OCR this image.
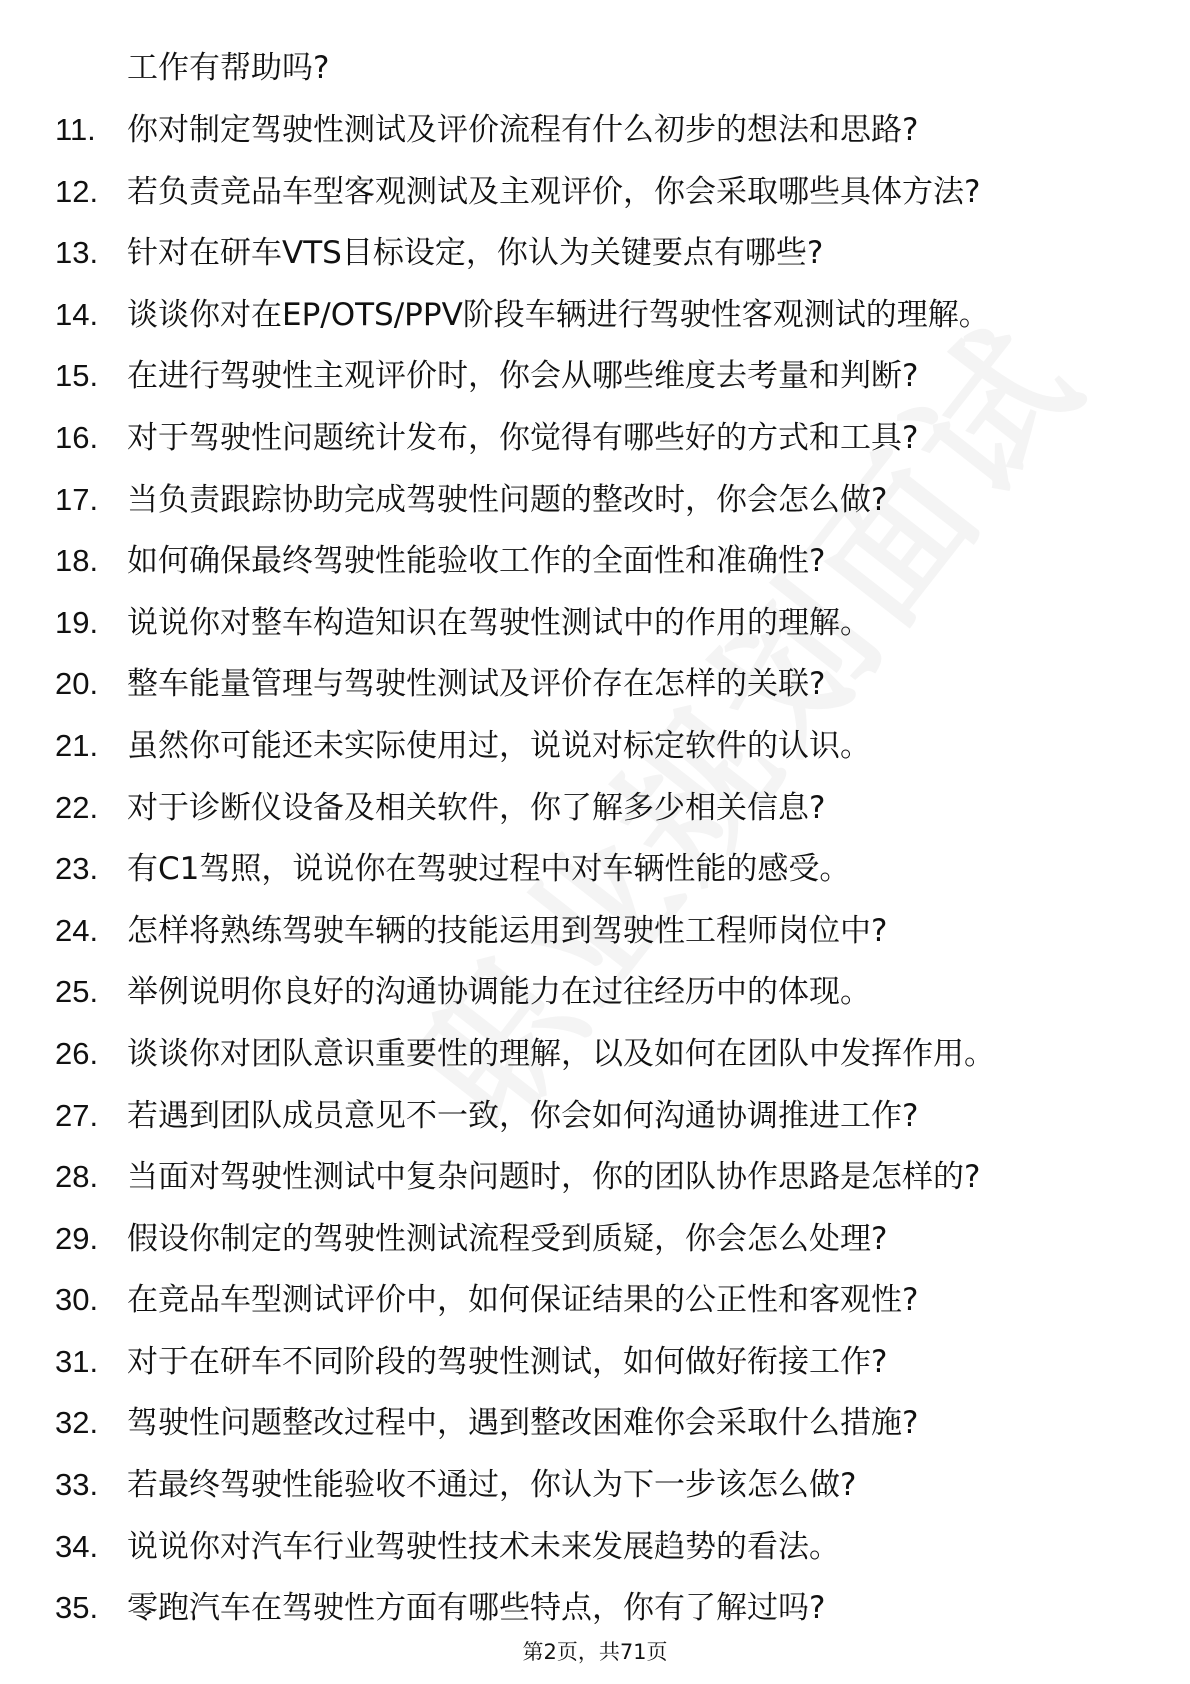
工作有帮助吗?
11.	你对制定驾驶性测试及评价流程有什么初步的想法和思路?
12. 若负责竞品车型客观测试及主观评价，你会采取哪些具体方法?
13. 针对在研车VTS目标设定，你认为关键要点有哪些?
14. 谈谈你对在EP/OTS/PPV阶段车辆进行驾驶性客观测试的理解。
15. 在进行驾驶性主观评价时，你会从哪些维度去考量和判断?
16. 对于驾驶性问题统计发布，你觉得有哪些好的方式和工具?
17. 当负责跟踪协助完成驾驶性问题的整改时，你会怎么做?
18. 如何确保最终驾驶性能验收工作的全面性和准确性?
19. 说说你对整车构造知识在驾驶性测试中的作用的理解。
20. 整车能量管理与驾驶性测试及评价存在怎样的关联?
21. 虽然你可能还未实际使用过，说说对标定软件的认识。
22. 对于诊断仪设备及相关软件，你了解多少相关信息?
23. 有C1驾照，说说你在驾驶过程中对车辆性能的感受。
24. 怎样将熟练驾驶车辆的技能运用到驾驶性工程师岗位中?
25. 举例说明你良好的沟通协调能力在过往经历中的体现。
26. 谈谈你对团队意识重要性的理解，以及如何在团队中发挥作用。
27. 若遇到团队成员意见不一致，你会如何沟通协调推进工作?
28. 当面对驾驶性测试中复杂问题时，你的团队协作思路是怎样的?
29. 假设你制定的驾驶性测试流程受到质疑，你会怎么处理?
30. 在竞品车型测试评价中，如何保证结果的公正性和客观性?
31. 对于在研车不同阶段的驾驶性测试，如何做好衔接工作?
32. 驾驶性问题整改过程中，遇到整改困难你会采取什么措施?
33. 若最终驾驶性能验收不通过，你认为下一步该怎么做?
34. 说说你对汽车行业驾驶性技术未来发展趋势的看法。
35. 零跑汽车在驾驶性方面有哪些特点，你有了解过吗?
第2页，共71页
